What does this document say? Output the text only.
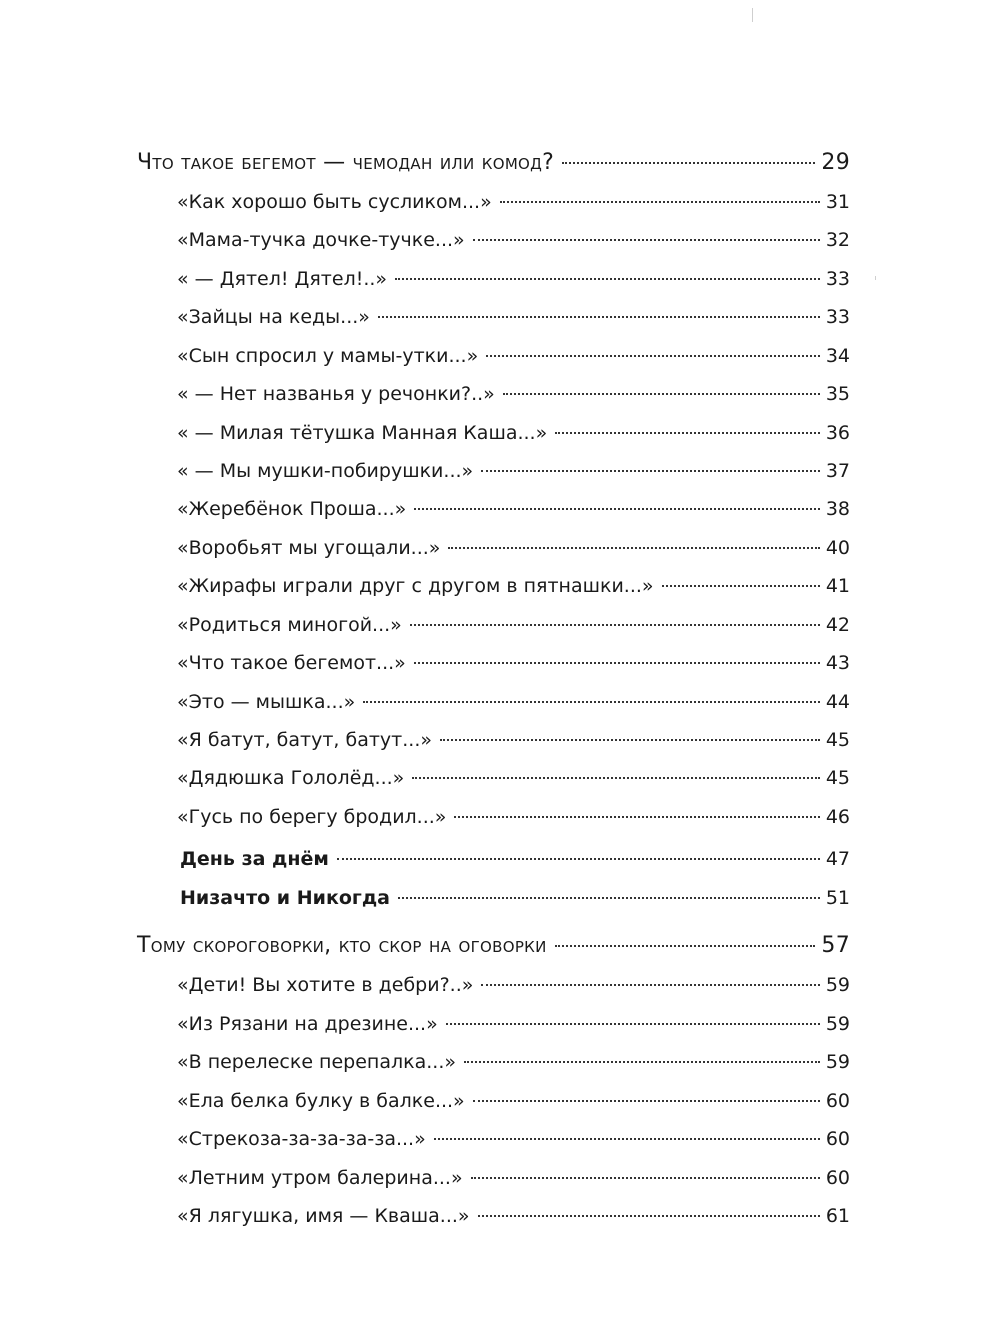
Что такое бегемот — чемодан или комод?	29
«Как хорошо быть сусликом...»	31
«Мама-тучка дочке-тучке...»	32
« — Дятел! Дятел!..»	33
«Зайцы на кеды...»	33
«Сын спросил у мамы-утки...»	34
« — Нет названья у речонки?..»	35
« — Милая тётушка Манная Каша...»	36
« — Мы мушки-побирушки...»	37
«Жеребёнок Проша...»	38
«Воробьят мы угощали...»	40
«Жирафы играли друг с другом в пятнашки...»	41
«Родиться миногой...»	42
«Что такое бегемот...»	43
«Это — мышка...»	44
«Я батут, батут, батут...»	45
«Дядюшка Гололёд...»	45
«Гусь по берегу бродил...»	46
День за днём	47
Низачто и Никогда	51
Тому скороговорки, кто скор на оговорки	57
«Дети! Вы хотите в дебри?..»	59
«Из Рязани на дрезине...»	59
«В перелеске перепалка...»	59
«Ела белка булку в балке...»	60
«Стрекоза-за-за-за-за...»	60
«Летним утром балерина...»	60
«Я лягушка, имя — Кваша...»	61
